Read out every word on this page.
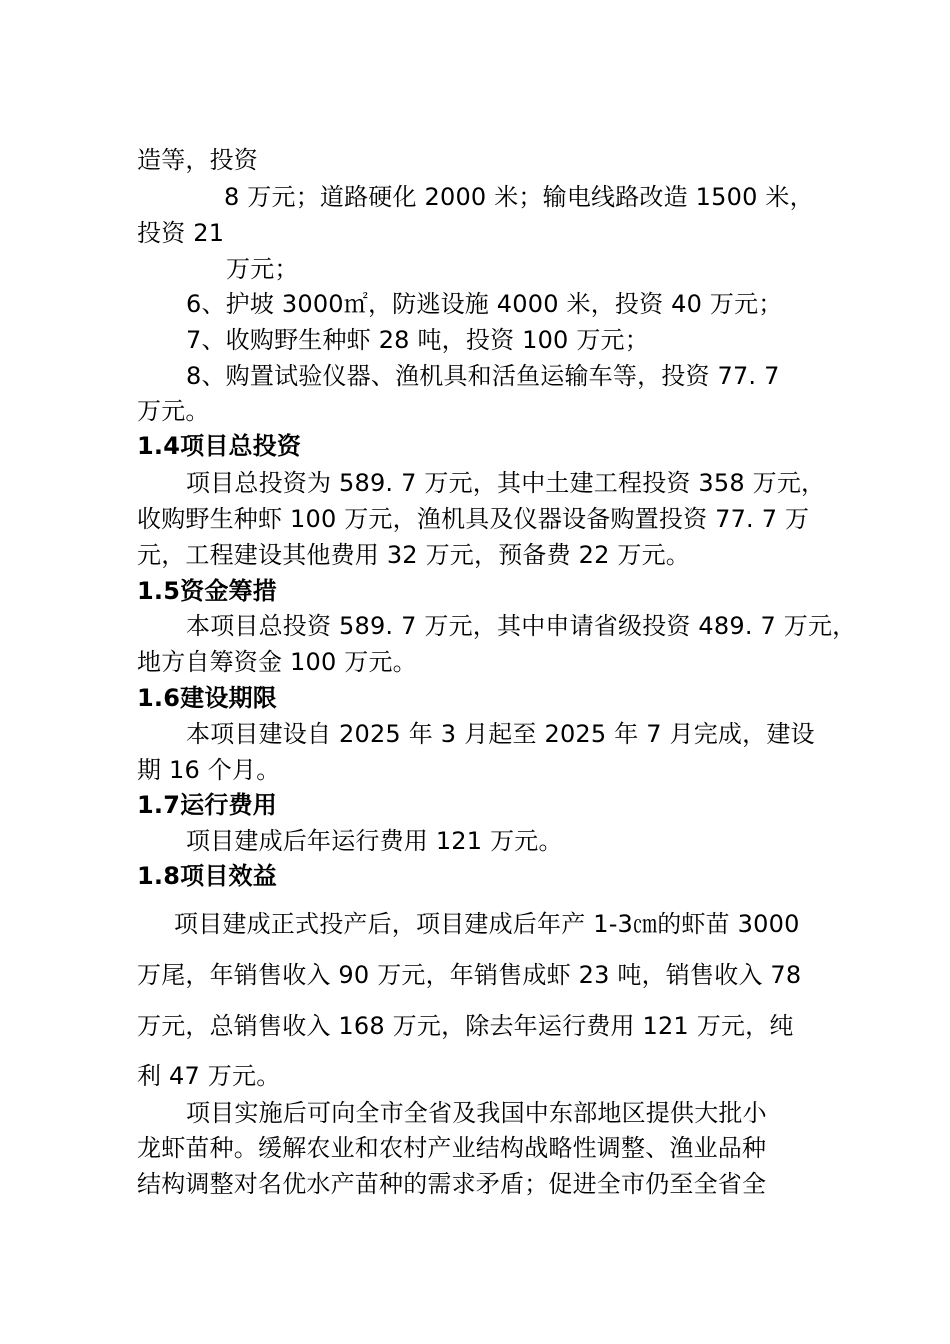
造等，投资
8 万元；道路硬化 2000 米；输电线路改造 1500 米，
投资 21
万元；
6、护坡 3000㎡，防逃设施 4000 米，投资 40 万元；
7、收购野生种虾 28 吨，投资 100 万元；
8、购置试验仪器、渔机具和活鱼运输车等，投资 77. 7
万元。
1.4项目总投资
项目总投资为 589. 7 万元，其中土建工程投资 358 万元，
收购野生种虾 100 万元，渔机具及仪器设备购置投资 77. 7 万
元，工程建设其他费用 32 万元，预备费 22 万元。
1.5资金筹措
本项目总投资 589. 7 万元，其中申请省级投资 489. 7 万元，
地方自筹资金 100 万元。
1.6建设期限
本项目建设自 2025 年 3 月起至 2025 年 7 月完成，建设
期 16 个月。
1.7运行费用
项目建成后年运行费用 121 万元。
1.8项目效益
项目建成正式投产后，项目建成后年产 1-3㎝的虾苗 3000
万尾，年销售收入 90 万元，年销售成虾 23 吨，销售收入 78
万元，总销售收入 168 万元，除去年运行费用 121 万元，纯
利 47 万元。
项目实施后可向全市全省及我国中东部地区提供大批小
龙虾苗种。缓解农业和农村产业结构战略性调整、渔业品种
结构调整对名优水产苗种的需求矛盾；促进全市仍至全省全
